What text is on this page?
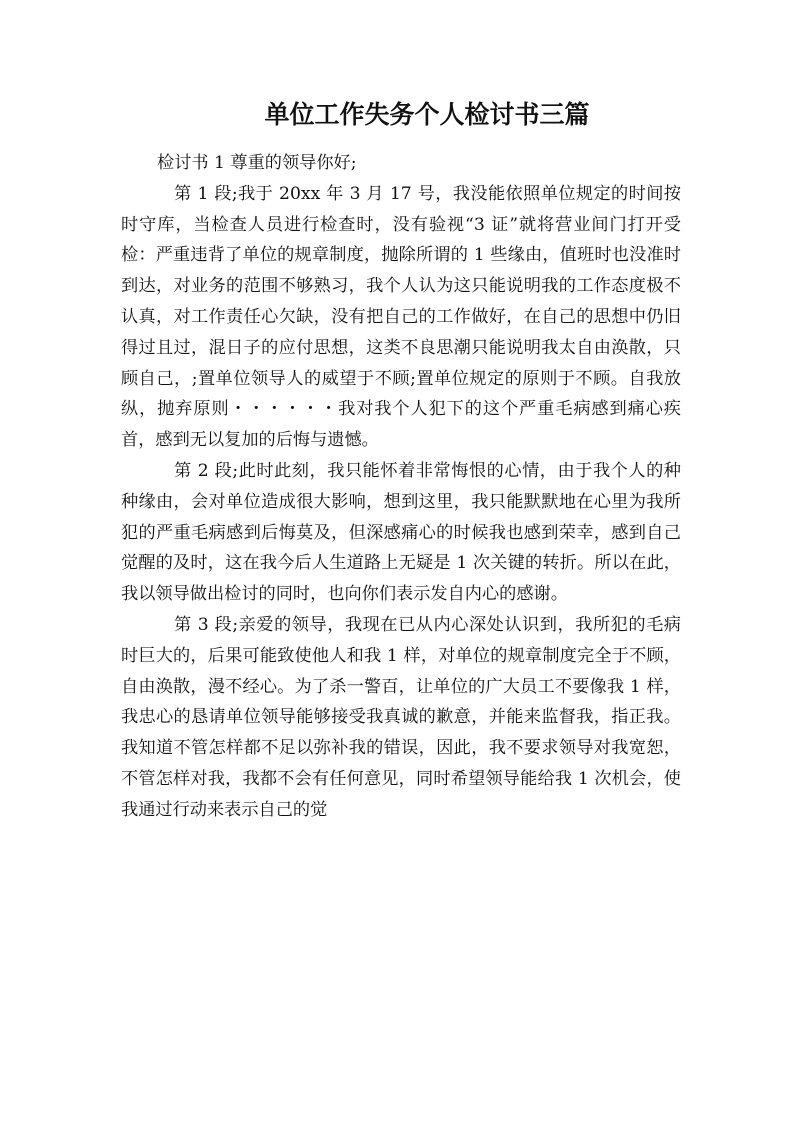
单位工作失务个人检讨书三篇

检讨书 1 尊重的领导你好;

第 1 段;我于 20xx 年 3 月 17 号，我没能依照单位规定的时间按时守库，当检查人员进行检查时，没有验视“3 证”就将营业间门打开受检：严重违背了单位的规章制度，抛除所谓的 1 些缘由，值班时也没准时到达，对业务的范围不够熟习，我个人认为这只能说明我的工作态度极不认真，对工作责任心欠缺，没有把自己的工作做好，在自己的思想中仍旧得过且过，混日子的应付思想，这类不良思潮只能说明我太自由涣散，只顾自己，;置单位领导人的威望于不顾;置单位规定的原则于不顾。自我放纵，抛弃原则・・・・・・我对我个人犯下的这个严重毛病感到痛心疾首，感到无以复加的后悔与遗憾。

第 2 段;此时此刻，我只能怀着非常悔恨的心情，由于我个人的种种缘由，会对单位造成很大影响，想到这里，我只能默默地在心里为我所犯的严重毛病感到后悔莫及，但深感痛心的时候我也感到荣幸，感到自己觉醒的及时，这在我今后人生道路上无疑是 1 次关键的转折。所以在此，我以领导做出检讨的同时，也向你们表示发自内心的感谢。

第 3 段;亲爱的领导，我现在已从内心深处认识到，我所犯的毛病时巨大的，后果可能致使他人和我 1 样，对单位的规章制度完全于不顾，自由涣散，漫不经心。为了杀一警百，让单位的广大员工不要像我 1 样，我忠心的恳请单位领导能够接受我真诚的歉意，并能来监督我，指正我。我知道不管怎样都不足以弥补我的错误，因此，我不要求领导对我宽恕，不管怎样对我，我都不会有任何意见，同时希望领导能给我 1 次机会，使我通过行动来表示自己的觉
